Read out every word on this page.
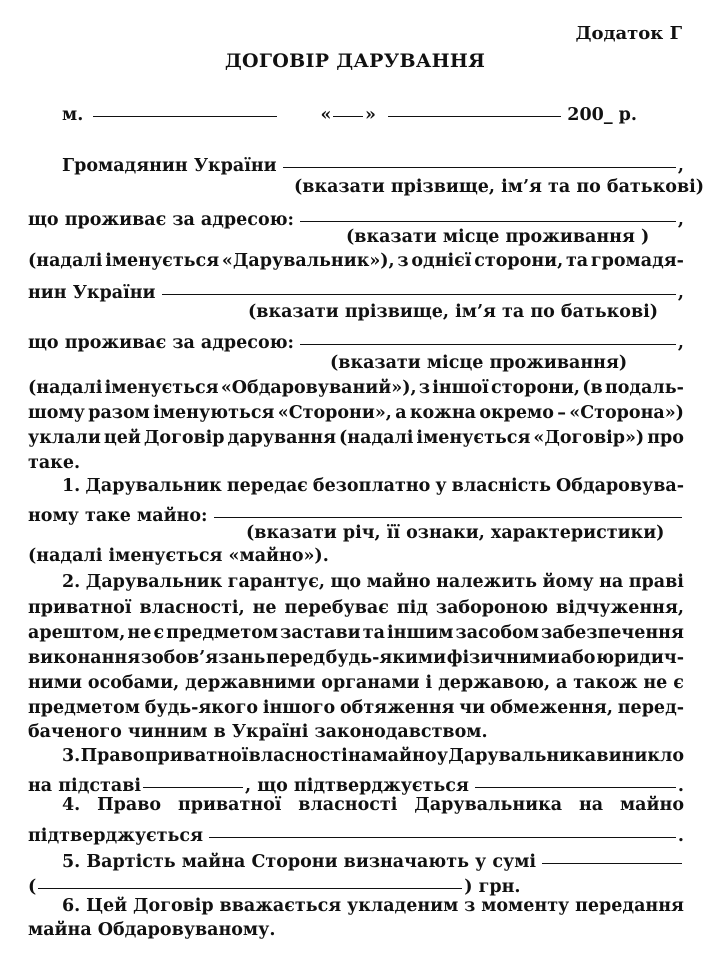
Додаток Г
ДОГОВІР ДАРУВАННЯ
м.	« »	200_ р.
Громадянин України	,
(вказати прізвище, ім’я та по батькові)
що проживає за адресою:	,
(вказати місце проживання )
(надалі іменується «Дарувальник»), з однієї сторони, та громадя-
нин України	,
(вказати прізвище, ім’я та по батькові)
що проживає за адресою:	,
(вказати місце проживання)
(надалі іменується «Обдаровуваний»), з іншої сторони, (в подаль-
шому разом іменуються «Сторони», а кожна окремо – «Сторона»)
уклали цей Договір дарування (надалі іменується «Договір») про
таке.
1. Дарувальник передає безоплатно у власність Обдаровува-
ному таке майно:
(вказати річ, її ознаки, характеристики)
(надалі іменується «майно»).
2. Дарувальник гарантує, що майно належить йому на праві
приватної власності, не перебуває під забороною відчуження,
арештом, не є предметом застави та іншим засобом забезпечення
виконання зобов’язань перед будь-якими фізичними або юридич-
ними особами, державними органами і державою, а також не є
предметом будь-якого іншого обтяження чи обмеження, перед-
баченого чинним в Україні законодавством.
3. Право приватної власності на майно у Дарувальника виникло
на підставі	, що підтверджується	.
4. Право приватної власності Дарувальника на майно
підтверджується	.
5. Вартість майна Сторони визначають у сумі
(	) грн.
6. Цей Договір вважається укладеним з моменту передання
майна Обдаровуваному.
